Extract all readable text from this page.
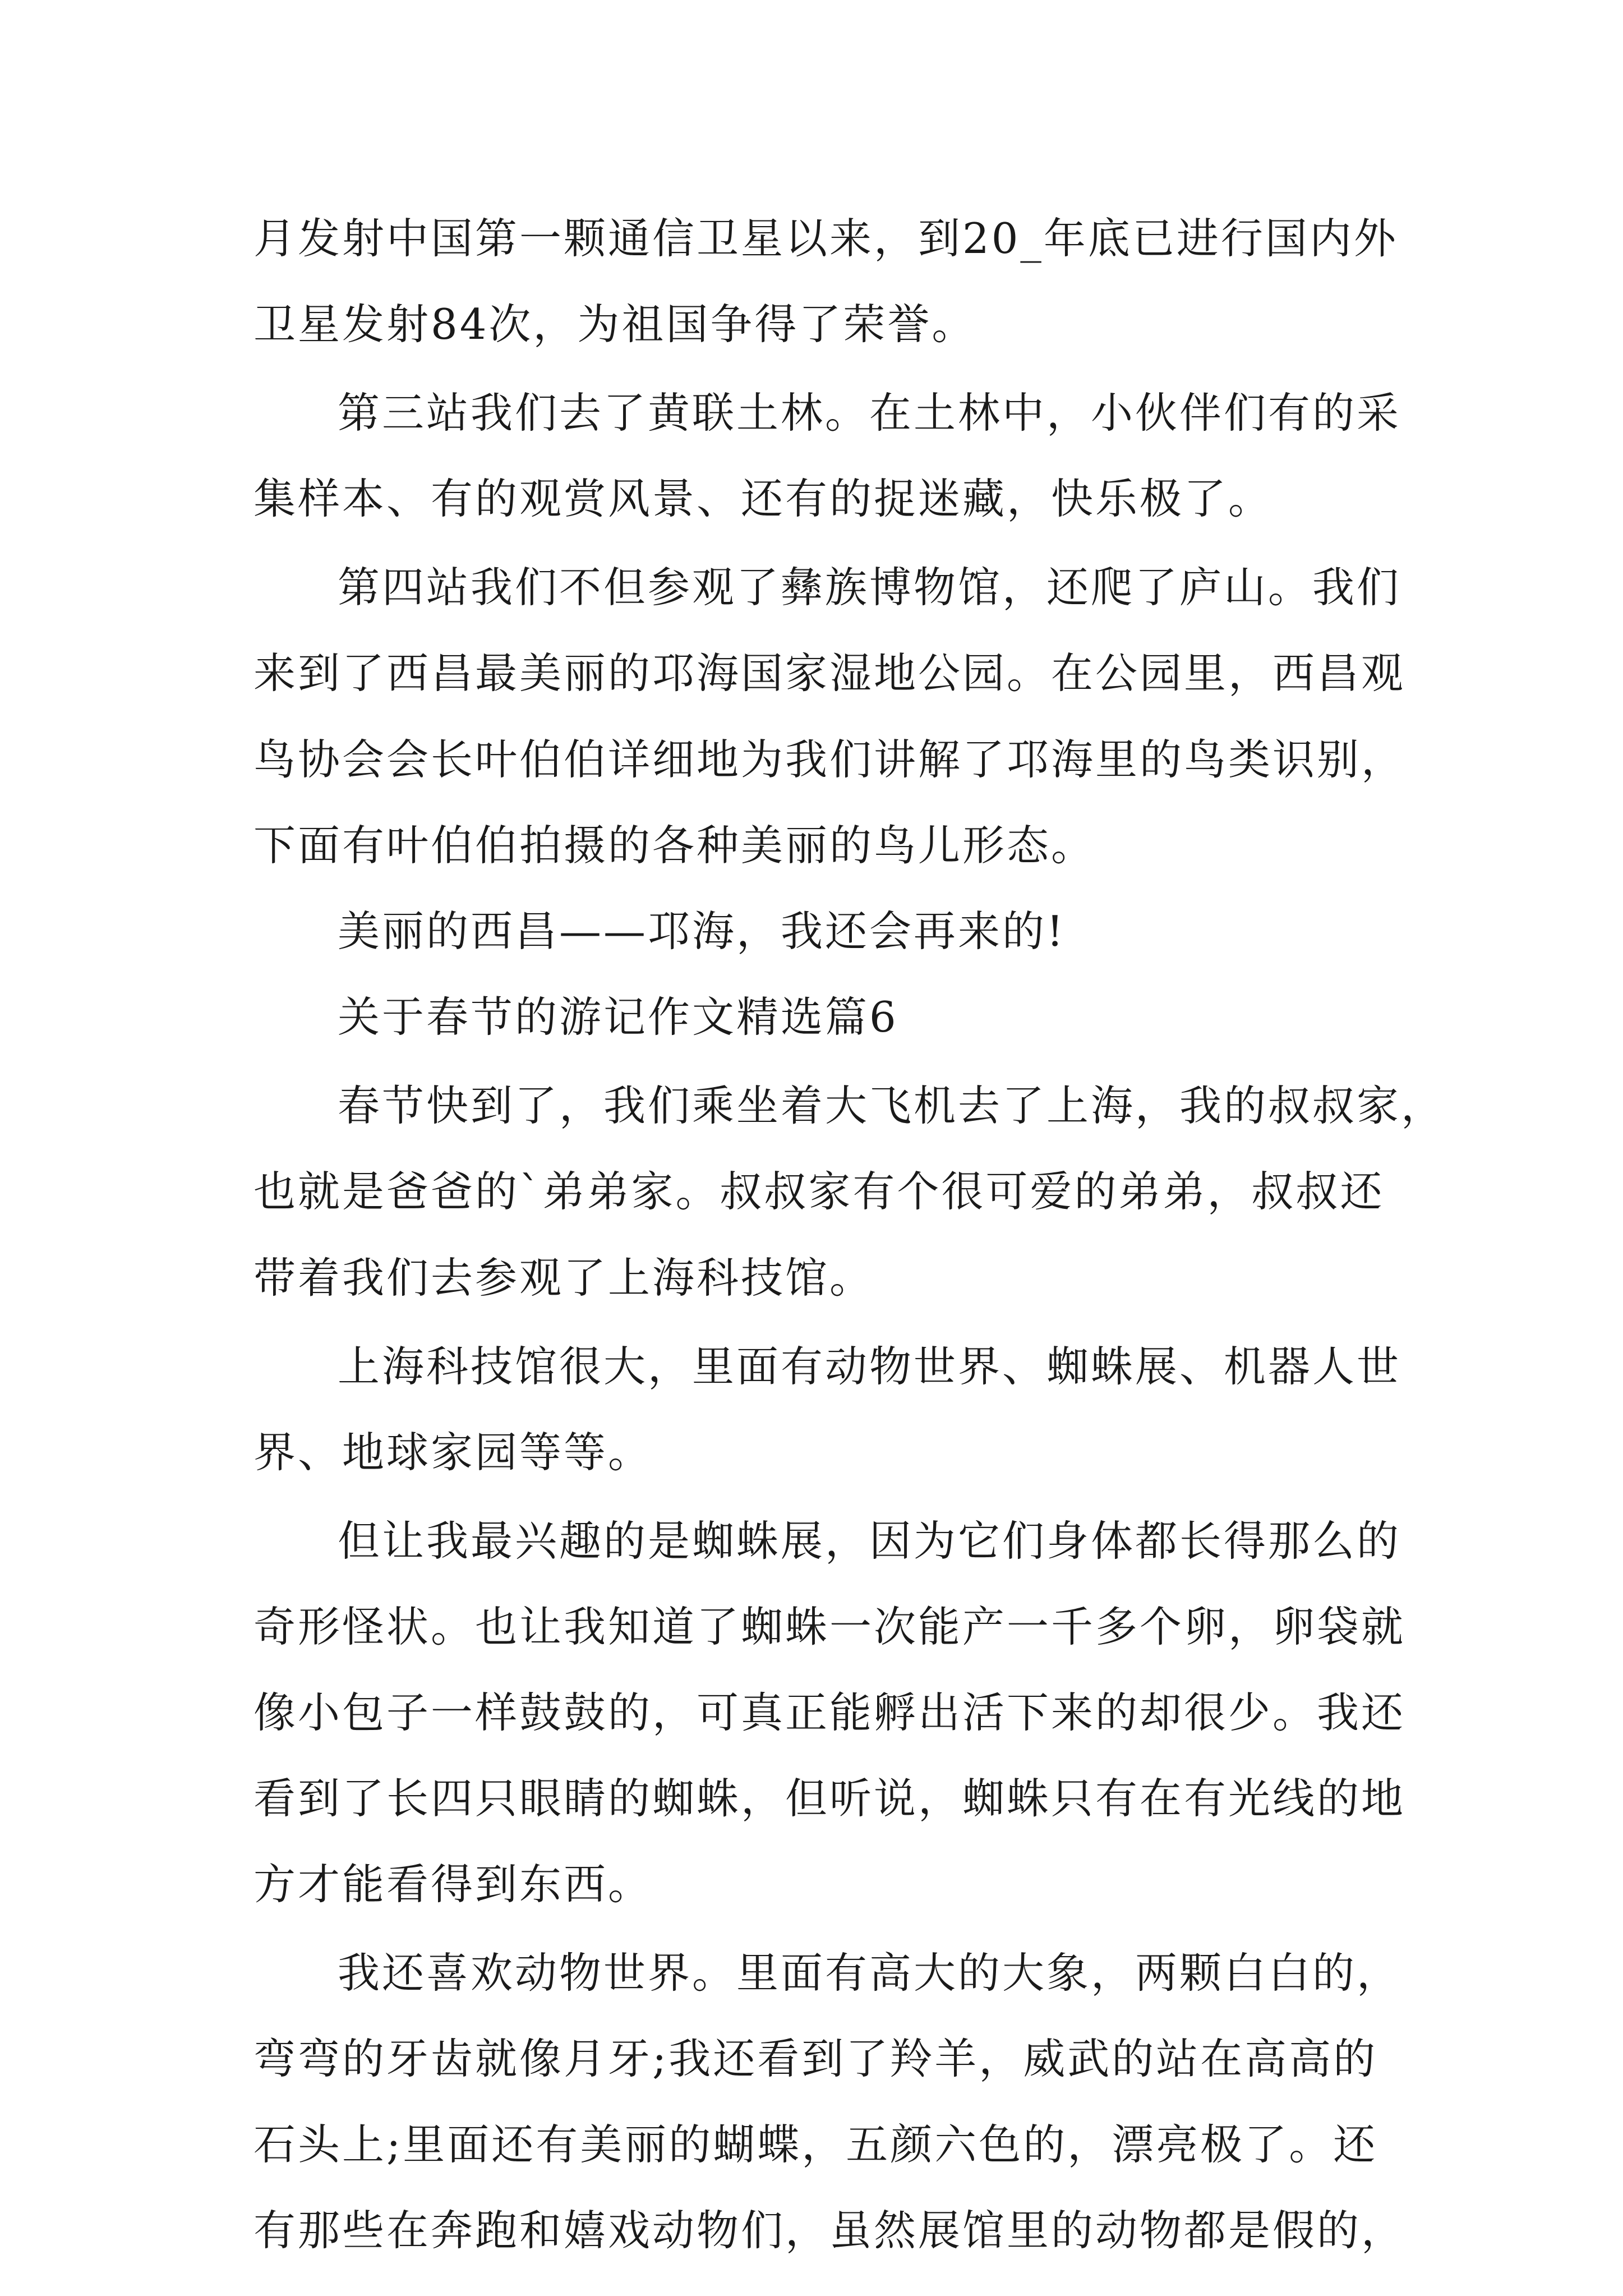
月发射中国第一颗通信卫星以来，到20_年底已进行国内外
卫星发射84次，为祖国争得了荣誉。
第三站我们去了黄联土林。在土林中，小伙伴们有的采
集样本、有的观赏风景、还有的捉迷藏，快乐极了。
第四站我们不但参观了彝族博物馆，还爬了庐山。我们
来到了西昌最美丽的邛海国家湿地公园。在公园里，西昌观
鸟协会会长叶伯伯详细地为我们讲解了邛海里的鸟类识别，
下面有叶伯伯拍摄的各种美丽的鸟儿形态。
美丽的西昌——邛海，我还会再来的!
关于春节的游记作文精选篇6
春节快到了，我们乘坐着大飞机去了上海，我的叔叔家，
也就是爸爸的`弟弟家。叔叔家有个很可爱的弟弟，叔叔还
带着我们去参观了上海科技馆。
上海科技馆很大，里面有动物世界、蜘蛛展、机器人世
界、地球家园等等。
但让我最兴趣的是蜘蛛展，因为它们身体都长得那么的
奇形怪状。也让我知道了蜘蛛一次能产一千多个卵，卵袋就
像小包子一样鼓鼓的，可真正能孵出活下来的却很少。我还
看到了长四只眼睛的蜘蛛，但听说，蜘蛛只有在有光线的地
方才能看得到东西。
我还喜欢动物世界。里面有高大的大象，两颗白白的，
弯弯的牙齿就像月牙;我还看到了羚羊，威武的站在高高的
石头上;里面还有美丽的蝴蝶，五颜六色的，漂亮极了。还
有那些在奔跑和嬉戏动物们，虽然展馆里的动物都是假的，
